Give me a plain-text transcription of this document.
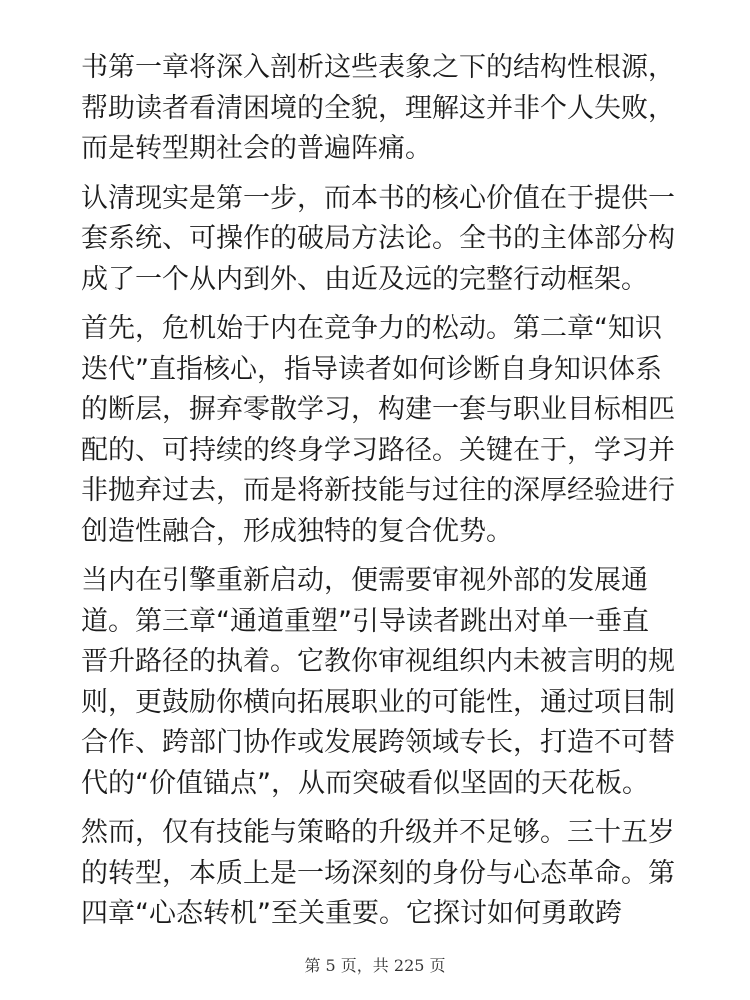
书第一章将深入剖析这些表象之下的结构性根源，
帮助读者看清困境的全貌，理解这并非个人失败，
而是转型期社会的普遍阵痛。

认清现实是第一步，而本书的核心价值在于提供一
套系统、可操作的破局方法论。全书的主体部分构
成了一个从内到外、由近及远的完整行动框架。

首先，危机始于内在竞争力的松动。第二章“知识
迭代”直指核心，指导读者如何诊断自身知识体系
的断层，摒弃零散学习，构建一套与职业目标相匹
配的、可持续的终身学习路径。关键在于，学习并
非抛弃过去，而是将新技能与过往的深厚经验进行
创造性融合，形成独特的复合优势。

当内在引擎重新启动，便需要审视外部的发展通
道。第三章“通道重塑”引导读者跳出对单一垂直
晋升路径的执着。它教你审视组织内未被言明的规
则，更鼓励你横向拓展职业的可能性，通过项目制
合作、跨部门协作或发展跨领域专长，打造不可替
代的“价值锚点”，从而突破看似坚固的天花板。

然而，仅有技能与策略的升级并不足够。三十五岁
的转型，本质上是一场深刻的身份与心态革命。第
四章“心态转机”至关重要。它探讨如何勇敢跨

第 5 页，共 225 页
